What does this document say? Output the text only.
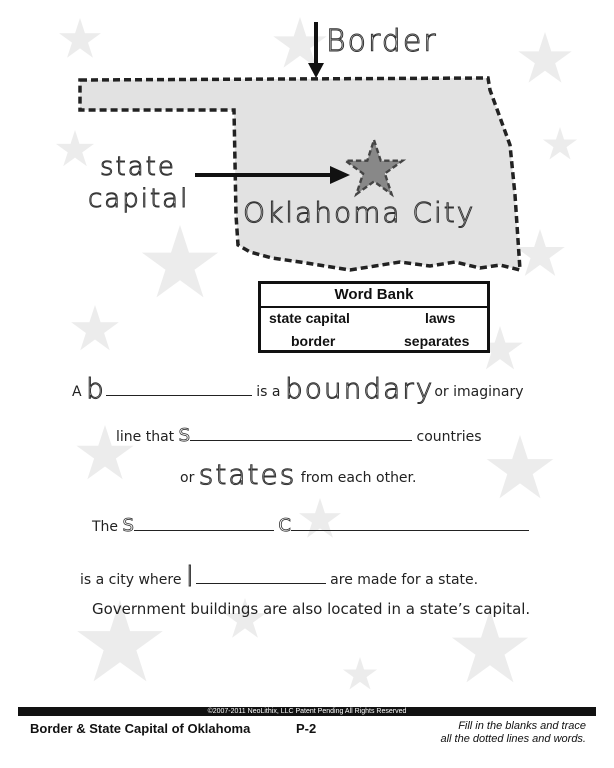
Border
state
capital Oklahoma City
Word Bank
state capital	laws
border	separates
A b	is a boundaryor imaginary
line that S	countries
or states from each other.
The S	C
is a city where l	are made for a state.
Government buildings are also located in a state’s capital.
©2007-2011 NeoLithix, LLC Patent Pending All Rights Reserved
Border & State Capital of Oklahoma	P-2	Fill in the blanks and trace
all the dotted lines and words.
